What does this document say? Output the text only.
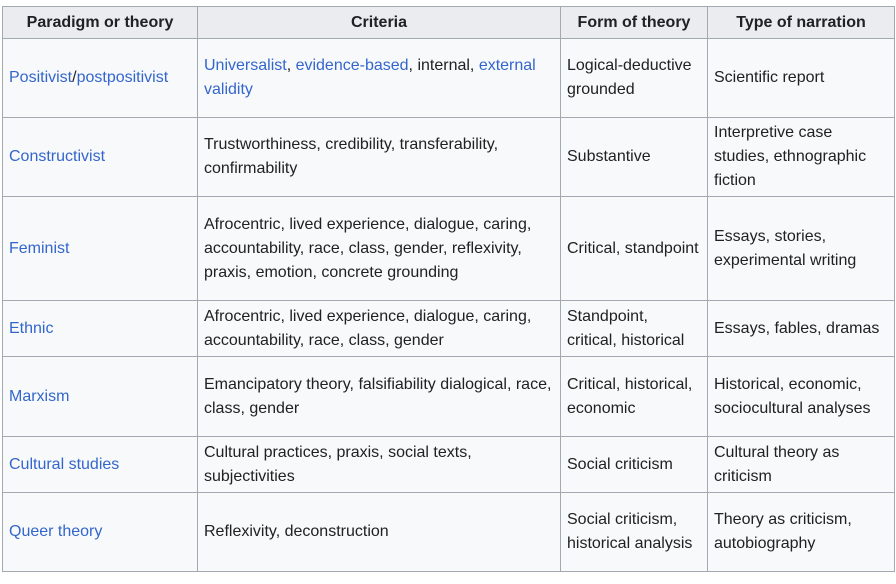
Paradigm or theory	Criteria	Form of theory	Type of narration
Positivist/postpositivist	Universalist, evidence-based, internal, external validity	Logical-deductive grounded	Scientific report
Constructivist	Trustworthiness, credibility, transferability, confirmability	Substantive	Interpretive case studies, ethnographic fiction
Feminist	Afrocentric, lived experience, dialogue, caring, accountability, race, class, gender, reflexivity, praxis, emotion, concrete grounding	Critical, standpoint	Essays, stories, experimental writing
Ethnic	Afrocentric, lived experience, dialogue, caring, accountability, race, class, gender	Standpoint, critical, historical	Essays, fables, dramas
Marxism	Emancipatory theory, falsifiability dialogical, race, class, gender	Critical, historical, economic	Historical, economic, sociocultural analyses
Cultural studies	Cultural practices, praxis, social texts, subjectivities	Social criticism	Cultural theory as criticism
Queer theory	Reflexivity, deconstruction	Social criticism, historical analysis	Theory as criticism, autobiography
